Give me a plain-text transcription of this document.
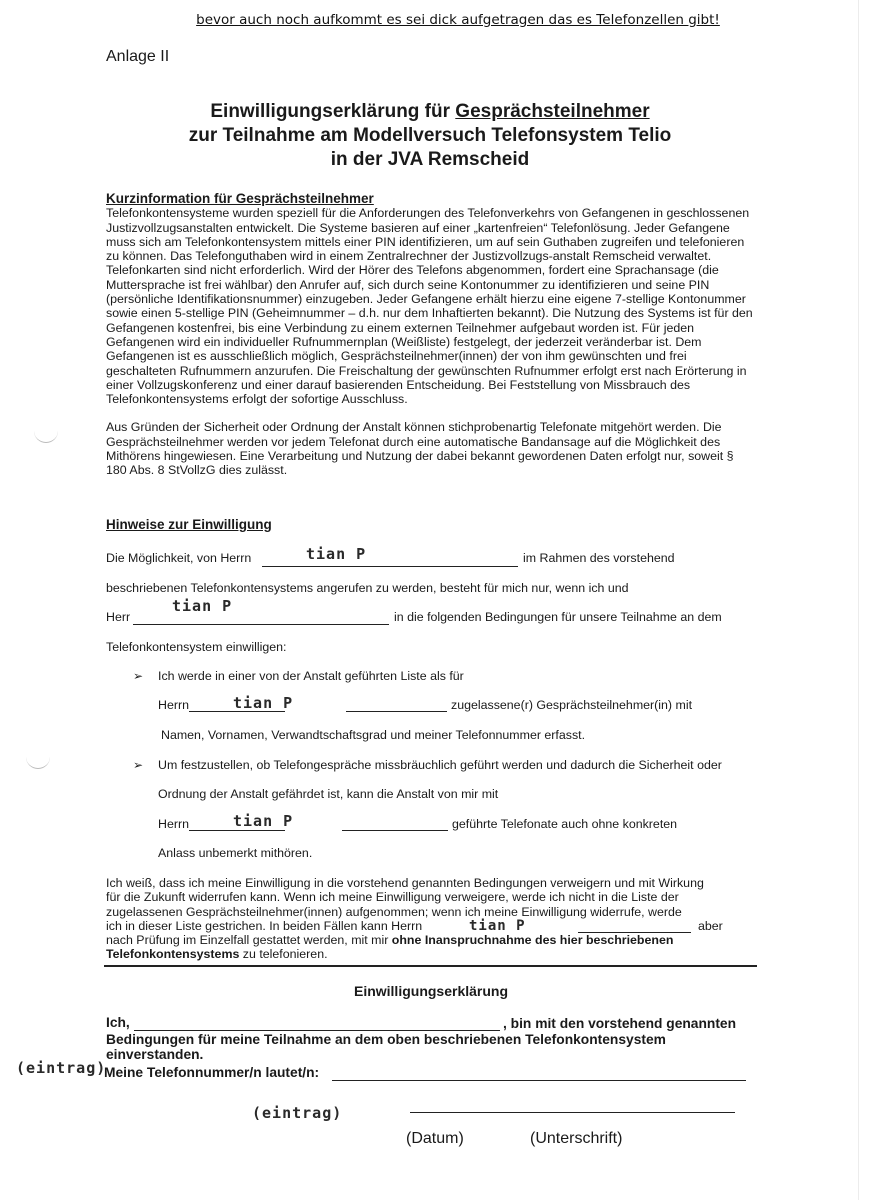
bevor auch noch aufkommt es sei dick aufgetragen das es Telefonzellen gibt!
Anlage II
Einwilligungserklärung für Gesprächsteilnehmer
zur Teilnahme am Modellversuch Telefonsystem Telio
in der JVA Remscheid
Kurzinformation für Gesprächsteilnehmer

Telefonkontensysteme wurden speziell für die Anforderungen des Telefonverkehrs von Gefangenen in geschlossenen Justizvollzugsanstalten entwickelt. Die Systeme basieren auf einer „kartenfreien“ Telefonlösung. Jeder Gefangene muss sich am Telefonkontensystem mittels einer PIN identifizieren, um auf sein Guthaben zugreifen und telefonieren zu können. Das Telefonguthaben wird in einem Zentralrechner der Justizvollzugs-anstalt Remscheid verwaltet. Telefonkarten sind nicht erforderlich. Wird der Hörer des Telefons abgenommen, fordert eine Sprachansage (die Muttersprache ist frei wählbar) den Anrufer auf, sich durch seine Kontonummer zu identifizieren und seine PIN (persönliche Identifikationsnummer) einzugeben. Jeder Gefangene erhält hierzu eine eigene 7-stellige Kontonummer sowie einen 5-stellige PIN (Geheimnummer – d.h. nur dem Inhaftierten bekannt). Die Nutzung des Systems ist für den Gefangenen kostenfrei, bis eine Verbindung zu einem externen Teilnehmer aufgebaut worden ist. Für jeden Gefangenen wird ein individueller Rufnummernplan (Weißliste) festgelegt, der jederzeit veränderbar ist. Dem Gefangenen ist es ausschließlich möglich, Gesprächsteilnehmer(innen) der von ihm gewünschten und frei geschalteten Rufnummern anzurufen. Die Freischaltung der gewünschten Rufnummer erfolgt erst nach Erörterung in einer Vollzugskonferenz und einer darauf basierenden Entscheidung. Bei Feststellung von Missbrauch des Telefonkontensystems erfolgt der sofortige Ausschluss.

Aus Gründen der Sicherheit oder Ordnung der Anstalt können stichprobenartig Telefonate mitgehört werden. Die Gesprächsteilnehmer werden vor jedem Telefonat durch eine automatische Bandansage auf die Möglichkeit des Mithörens hingewiesen. Eine Verarbeitung und Nutzung der dabei bekannt gewordenen Daten erfolgt nur, soweit § 180 Abs. 8 StVollzG dies zulässt.

Hinweise zur Einwilligung
Die Möglichkeit, von Herrn	tian P	im Rahmen des vorstehend
beschriebenen Telefonkontensystems angerufen zu werden, besteht für mich nur, wenn ich und
Herr
tian P
in die folgenden Bedingungen für unsere Teilnahme an dem
Telefonkontensystem einwilligen:
➢ Ich werde in einer von der Anstalt geführten Liste als für
Herrn	tian P	zugelassene(r) Gesprächsteilnehmer(in) mit
Namen, Vornamen, Verwandtschaftsgrad und meiner Telefonnummer erfasst.
➢ Um festzustellen, ob Telefongespräche missbräuchlich geführt werden und dadurch die Sicherheit oder
Ordnung der Anstalt gefährdet ist, kann die Anstalt von mir mit
Herrn	tian P	geführte Telefonate auch ohne konkreten
Anlass unbemerkt mithören.
Ich weiß, dass ich meine Einwilligung in die vorstehend genannten Bedingungen verweigern und mit Wirkung
für die Zukunft widerrufen kann. Wenn ich meine Einwilligung verweigere, werde ich nicht in die Liste der
zugelassenen Gesprächsteilnehmer(innen) aufgenommen; wenn ich meine Einwilligung widerrufe, werde
ich in dieser Liste gestrichen. In beiden Fällen kann Herrn	tian P	aber
nach Prüfung im Einzelfall gestattet werden, mit mir ohne Inanspruchnahme des hier beschriebenen
Telefonkontensystems zu telefonieren.
Einwilligungserklärung
Ich,	, bin mit den vorstehend genannten
Bedingungen für meine Teilnahme an dem oben beschriebenen Telefonkontensystem
einverstanden.
(eintrag)
Meine Telefonnummer/n lautet/n:
(eintrag)
(Datum)	(Unterschrift)
